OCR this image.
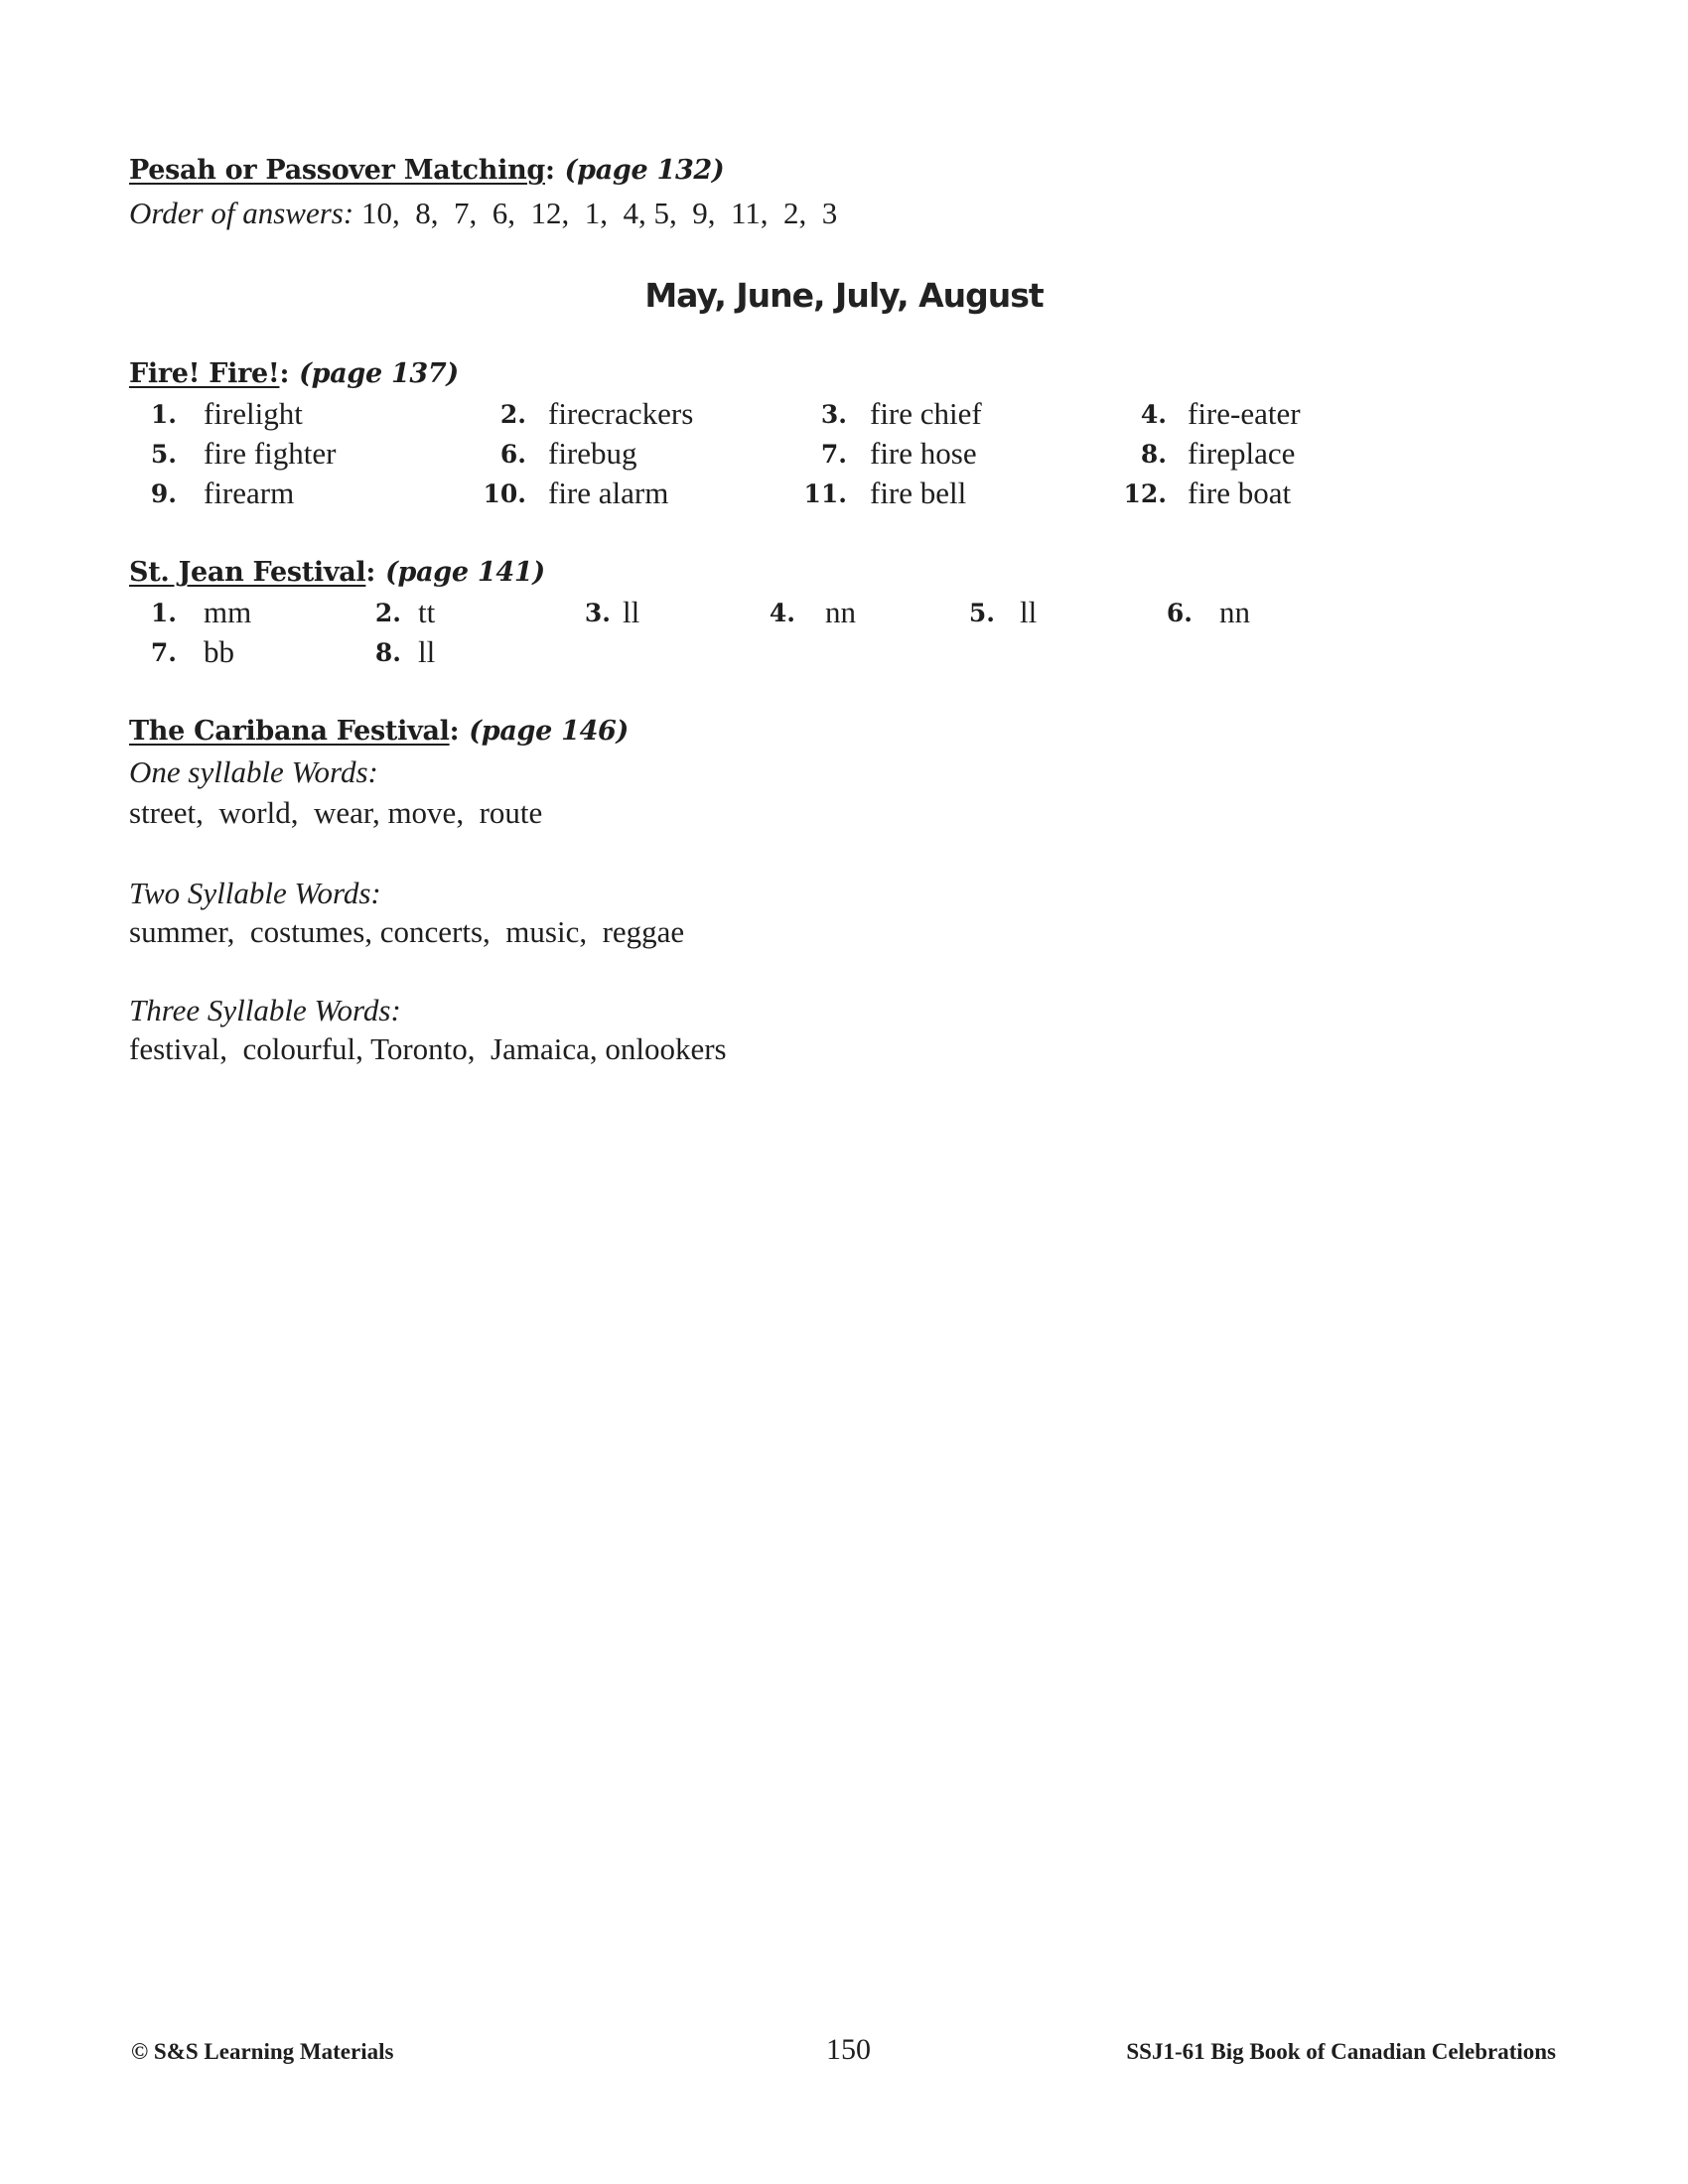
Pesah or Passover Matching: (page 132)
Order of answers: 10,  8,  7,  6,  12,  1,  4, 5,  9,  11,  2,  3
May, June, July, August
Fire! Fire!: (page 137)
1. firelight	2. firecrackers	3. fire chief	4. fire-eater
5. fire fighter	6. firebug	7. fire hose	8. fireplace
9. firearm	10. fire alarm	11. fire bell	12. fire boat
St. Jean Festival: (page 141)
1. mm	2. tt	3. ll	4. nn	5. ll	6. nn
7. bb	8. ll
The Caribana Festival: (page 146)
One syllable Words:
street,  world,  wear, move,  route
Two Syllable Words:
summer,  costumes, concerts,  music,  reggae
Three Syllable Words:
festival,  colourful, Toronto,  Jamaica, onlookers
© S&S Learning Materials	150	SSJ1-61 Big Book of Canadian Celebrations
